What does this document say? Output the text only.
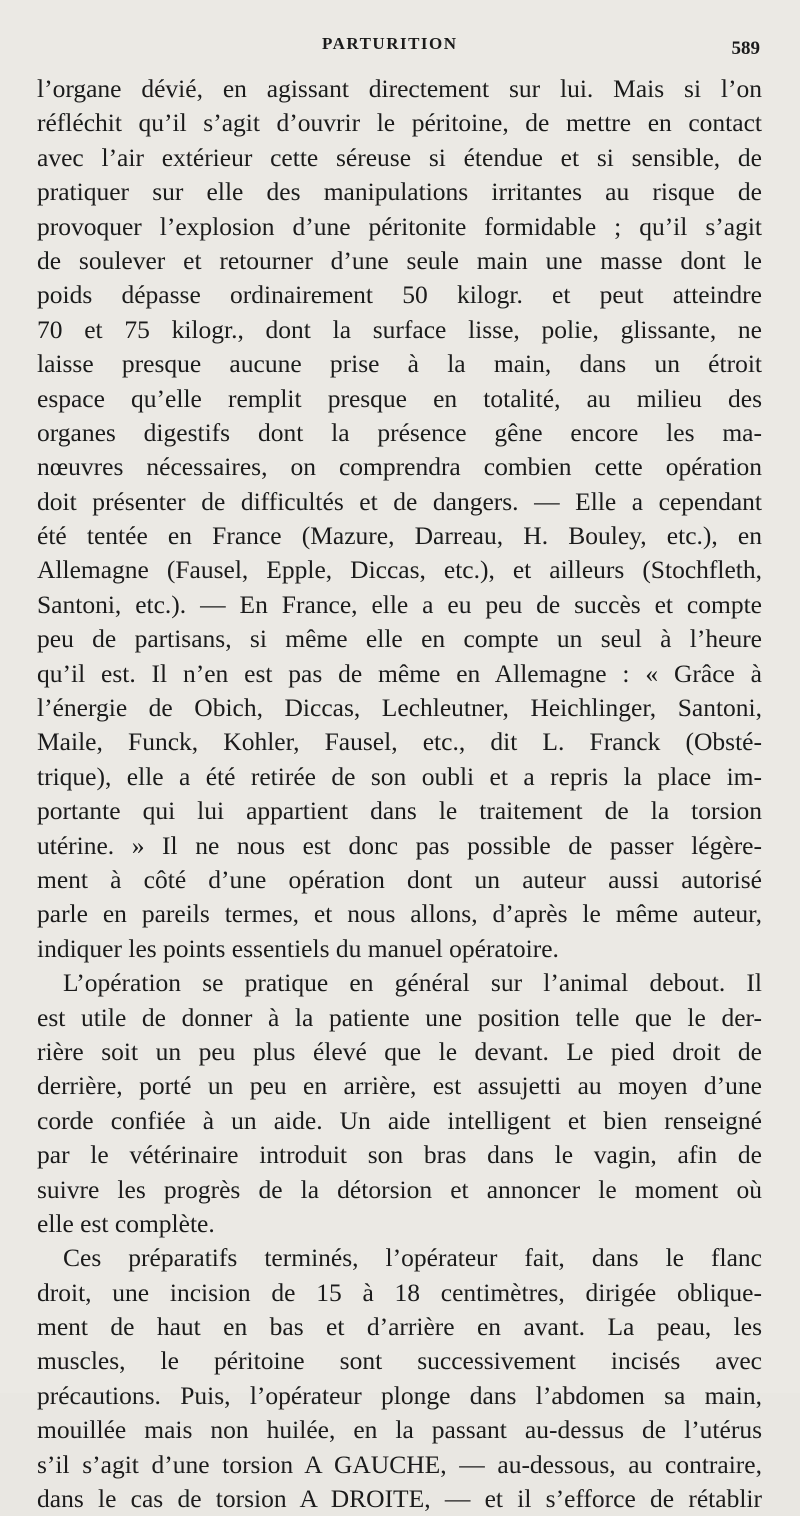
PARTURITION	589
l’organe dévié, en agissant directement sur lui. Mais si l’on
réfléchit qu’il s’agit d’ouvrir le péritoine, de mettre en contact
avec l’air extérieur cette séreuse si étendue et si sensible, de
pratiquer sur elle des manipulations irritantes au risque de
provoquer l’explosion d’une péritonite formidable ; qu’il s’agit
de soulever et retourner d’une seule main une masse dont le
poids dépasse ordinairement 50 kilogr. et peut atteindre
70 et 75 kilogr., dont la surface lisse, polie, glissante, ne
laisse presque aucune prise à la main, dans un étroit
espace qu’elle remplit presque en totalité, au milieu des
organes digestifs dont la présence gêne encore les ma-
nœuvres nécessaires, on comprendra combien cette opération
doit présenter de difficultés et de dangers. — Elle a cependant
été tentée en France (Mazure, Darreau, H. Bouley, etc.), en
Allemagne (Fausel, Epple, Diccas, etc.), et ailleurs (Stochfleth,
Santoni, etc.). — En France, elle a eu peu de succès et compte
peu de partisans, si même elle en compte un seul à l’heure
qu’il est. Il n’en est pas de même en Allemagne : « Grâce à
l’énergie de Obich, Diccas, Lechleutner, Heichlinger, Santoni,
Maile, Funck, Kohler, Fausel, etc., dit L. Franck (Obsté-
trique), elle a été retirée de son oubli et a repris la place im-
portante qui lui appartient dans le traitement de la torsion
utérine. » Il ne nous est donc pas possible de passer légère-
ment à côté d’une opération dont un auteur aussi autorisé
parle en pareils termes, et nous allons, d’après le même auteur,
indiquer les points essentiels du manuel opératoire.
L’opération se pratique en général sur l’animal debout. Il
est utile de donner à la patiente une position telle que le der-
rière soit un peu plus élevé que le devant. Le pied droit de
derrière, porté un peu en arrière, est assujetti au moyen d’une
corde confiée à un aide. Un aide intelligent et bien renseigné
par le vétérinaire introduit son bras dans le vagin, afin de
suivre les progrès de la détorsion et annoncer le moment où
elle est complète.
Ces préparatifs terminés, l’opérateur fait, dans le flanc
droit, une incision de 15 à 18 centimètres, dirigée oblique-
ment de haut en bas et d’arrière en avant. La peau, les
muscles, le péritoine sont successivement incisés avec
précautions. Puis, l’opérateur plonge dans l’abdomen sa main,
mouillée mais non huilée, en la passant au-dessus de l’utérus
s’il s’agit d’une torsion A GAUCHE, — au-dessous, au contraire,
dans le cas de torsion A DROITE, — et il s’efforce de rétablir
